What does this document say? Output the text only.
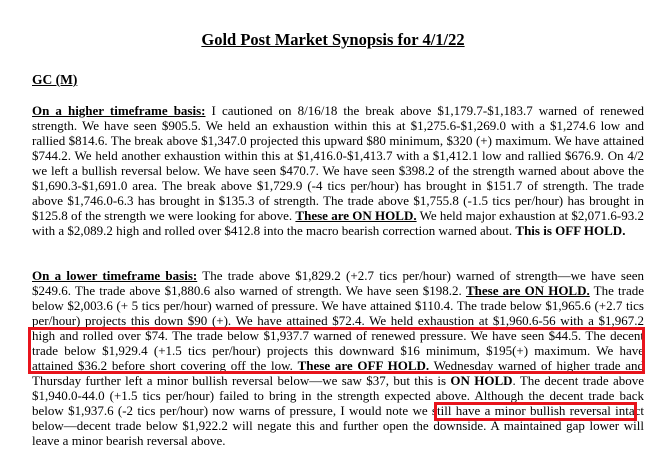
Gold Post Market Synopsis for 4/1/22
GC (M)
On a higher timeframe basis: I cautioned on 8/16/18 the break above $1,179.7-$1,183.7 warned of renewed strength. We have seen $905.5. We held an exhaustion within this at $1,275.6-$1,269.0 with a $1,274.6 low and rallied $814.6. The break above $1,347.0 projected this upward $80 minimum, $320 (+) maximum. We have attained $744.2. We held another exhaustion within this at $1,416.0-$1,413.7 with a $1,412.1 low and rallied $676.9. On 4/2 we left a bullish reversal below. We have seen $470.7. We have seen $398.2 of the strength warned about above the $1,690.3-$1,691.0 area. The break above $1,729.9 (-4 tics per/hour) has brought in $151.7 of strength. The trade above $1,746.0-6.3 has brought in $135.3 of strength. The trade above $1,755.8 (-1.5 tics per/hour) has brought in $125.8 of the strength we were looking for above. These are ON HOLD. We held major exhaustion at $2,071.6-93.2 with a $2,089.2 high and rolled over $412.8 into the macro bearish correction warned about. This is OFF HOLD.
On a lower timeframe basis: The trade above $1,829.2 (+2.7 tics per/hour) warned of strength—we have seen $249.6. The trade above $1,880.6 also warned of strength. We have seen $198.2. These are ON HOLD. The trade below $2,003.6 (+ 5 tics per/hour) warned of pressure. We have attained $110.4. The trade below $1,965.6 (+2.7 tics per/hour) projects this down $90 (+). We have attained $72.4. We held exhaustion at $1,960.6-56 with a $1,967.2 high and rolled over $74. The trade below $1,937.7 warned of renewed pressure. We have seen $44.5. The decent trade below $1,929.4 (+1.5 tics per/hour) projects this downward $16 minimum, $195(+) maximum. We have attained $36.2 before short covering off the low. These are OFF HOLD. Wednesday warned of higher trade and Thursday further left a minor bullish reversal below—we saw $37, but this is ON HOLD. The decent trade above $1,940.0-44.0 (+1.5 tics per/hour) failed to bring in the strength expected above. Although the decent trade back below $1,937.6 (-2 tics per/hour) now warns of pressure, I would note we still have a minor bullish reversal intact below—decent trade below $1,922.2 will negate this and further open the downside. A maintained gap lower will leave a minor bearish reversal above.
